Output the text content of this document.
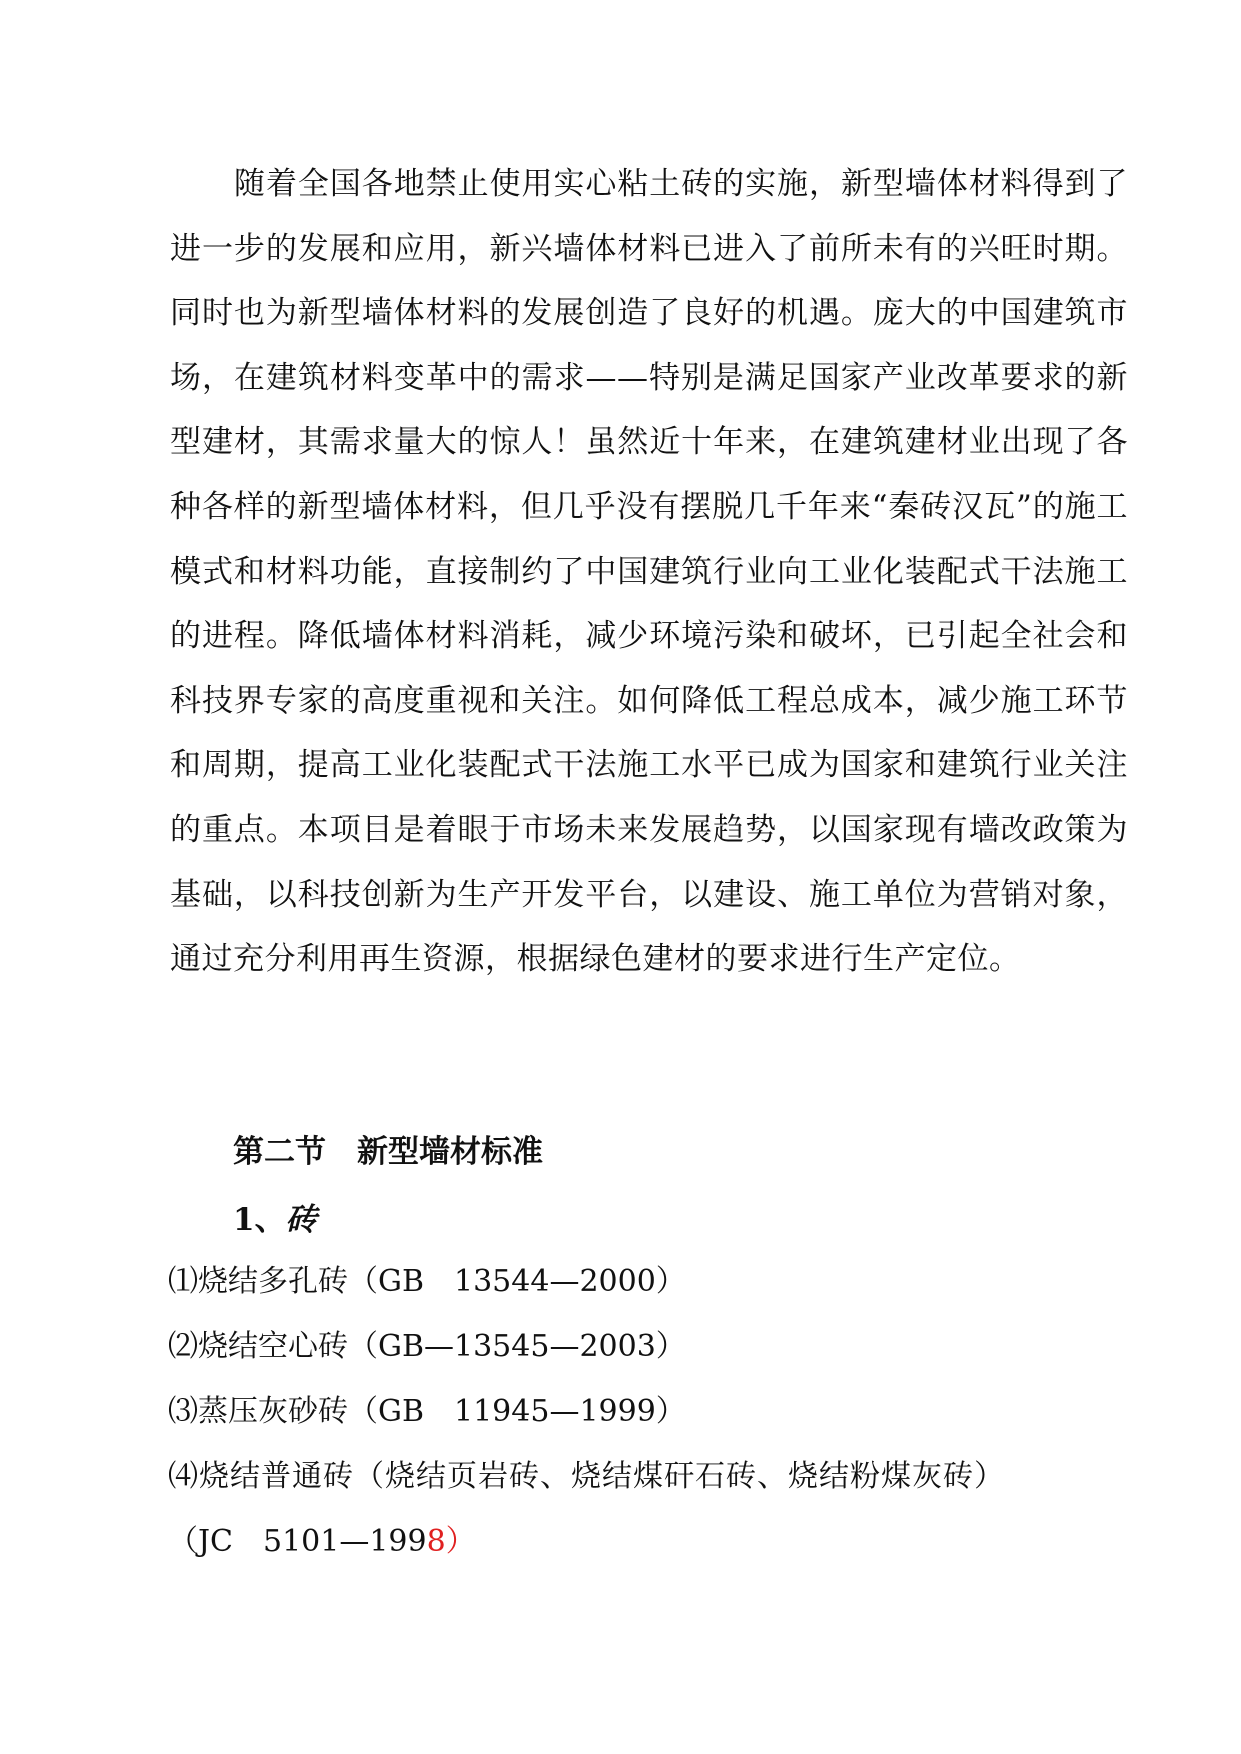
随着全国各地禁止使用实心粘土砖的实施，新型墙体材料得到了进一步的发展和应用，新兴墙体材料已进入了前所未有的兴旺时期。同时也为新型墙体材料的发展创造了良好的机遇。庞大的中国建筑市场，在建筑材料变革中的需求——特别是满足国家产业改革要求的新型建材，其需求量大的惊人！虽然近十年来，在建筑建材业出现了各种各样的新型墙体材料，但几乎没有摆脱几千年来“秦砖汉瓦”的施工模式和材料功能，直接制约了中国建筑行业向工业化装配式干法施工的进程。降低墙体材料消耗，减少环境污染和破坏，已引起全社会和科技界专家的高度重视和关注。如何降低工程总成本，减少施工环节和周期，提高工业化装配式干法施工水平已成为国家和建筑行业关注的重点。本项目是着眼于市场未来发展趋势，以国家现有墙改政策为基础，以科技创新为生产开发平台，以建设、施工单位为营销对象，通过充分利用再生资源，根据绿色建材的要求进行生产定位。

第二节　新型墙材标准
1、砖

⑴烧结多孔砖（GB　13544—2000）

⑵烧结空心砖（GB—13545—2003）

⑶蒸压灰砂砖（GB　11945—1999）

⑷烧结普通砖（烧结页岩砖、烧结煤矸石砖、烧结粉煤灰砖）

（JC　5101—1998）
